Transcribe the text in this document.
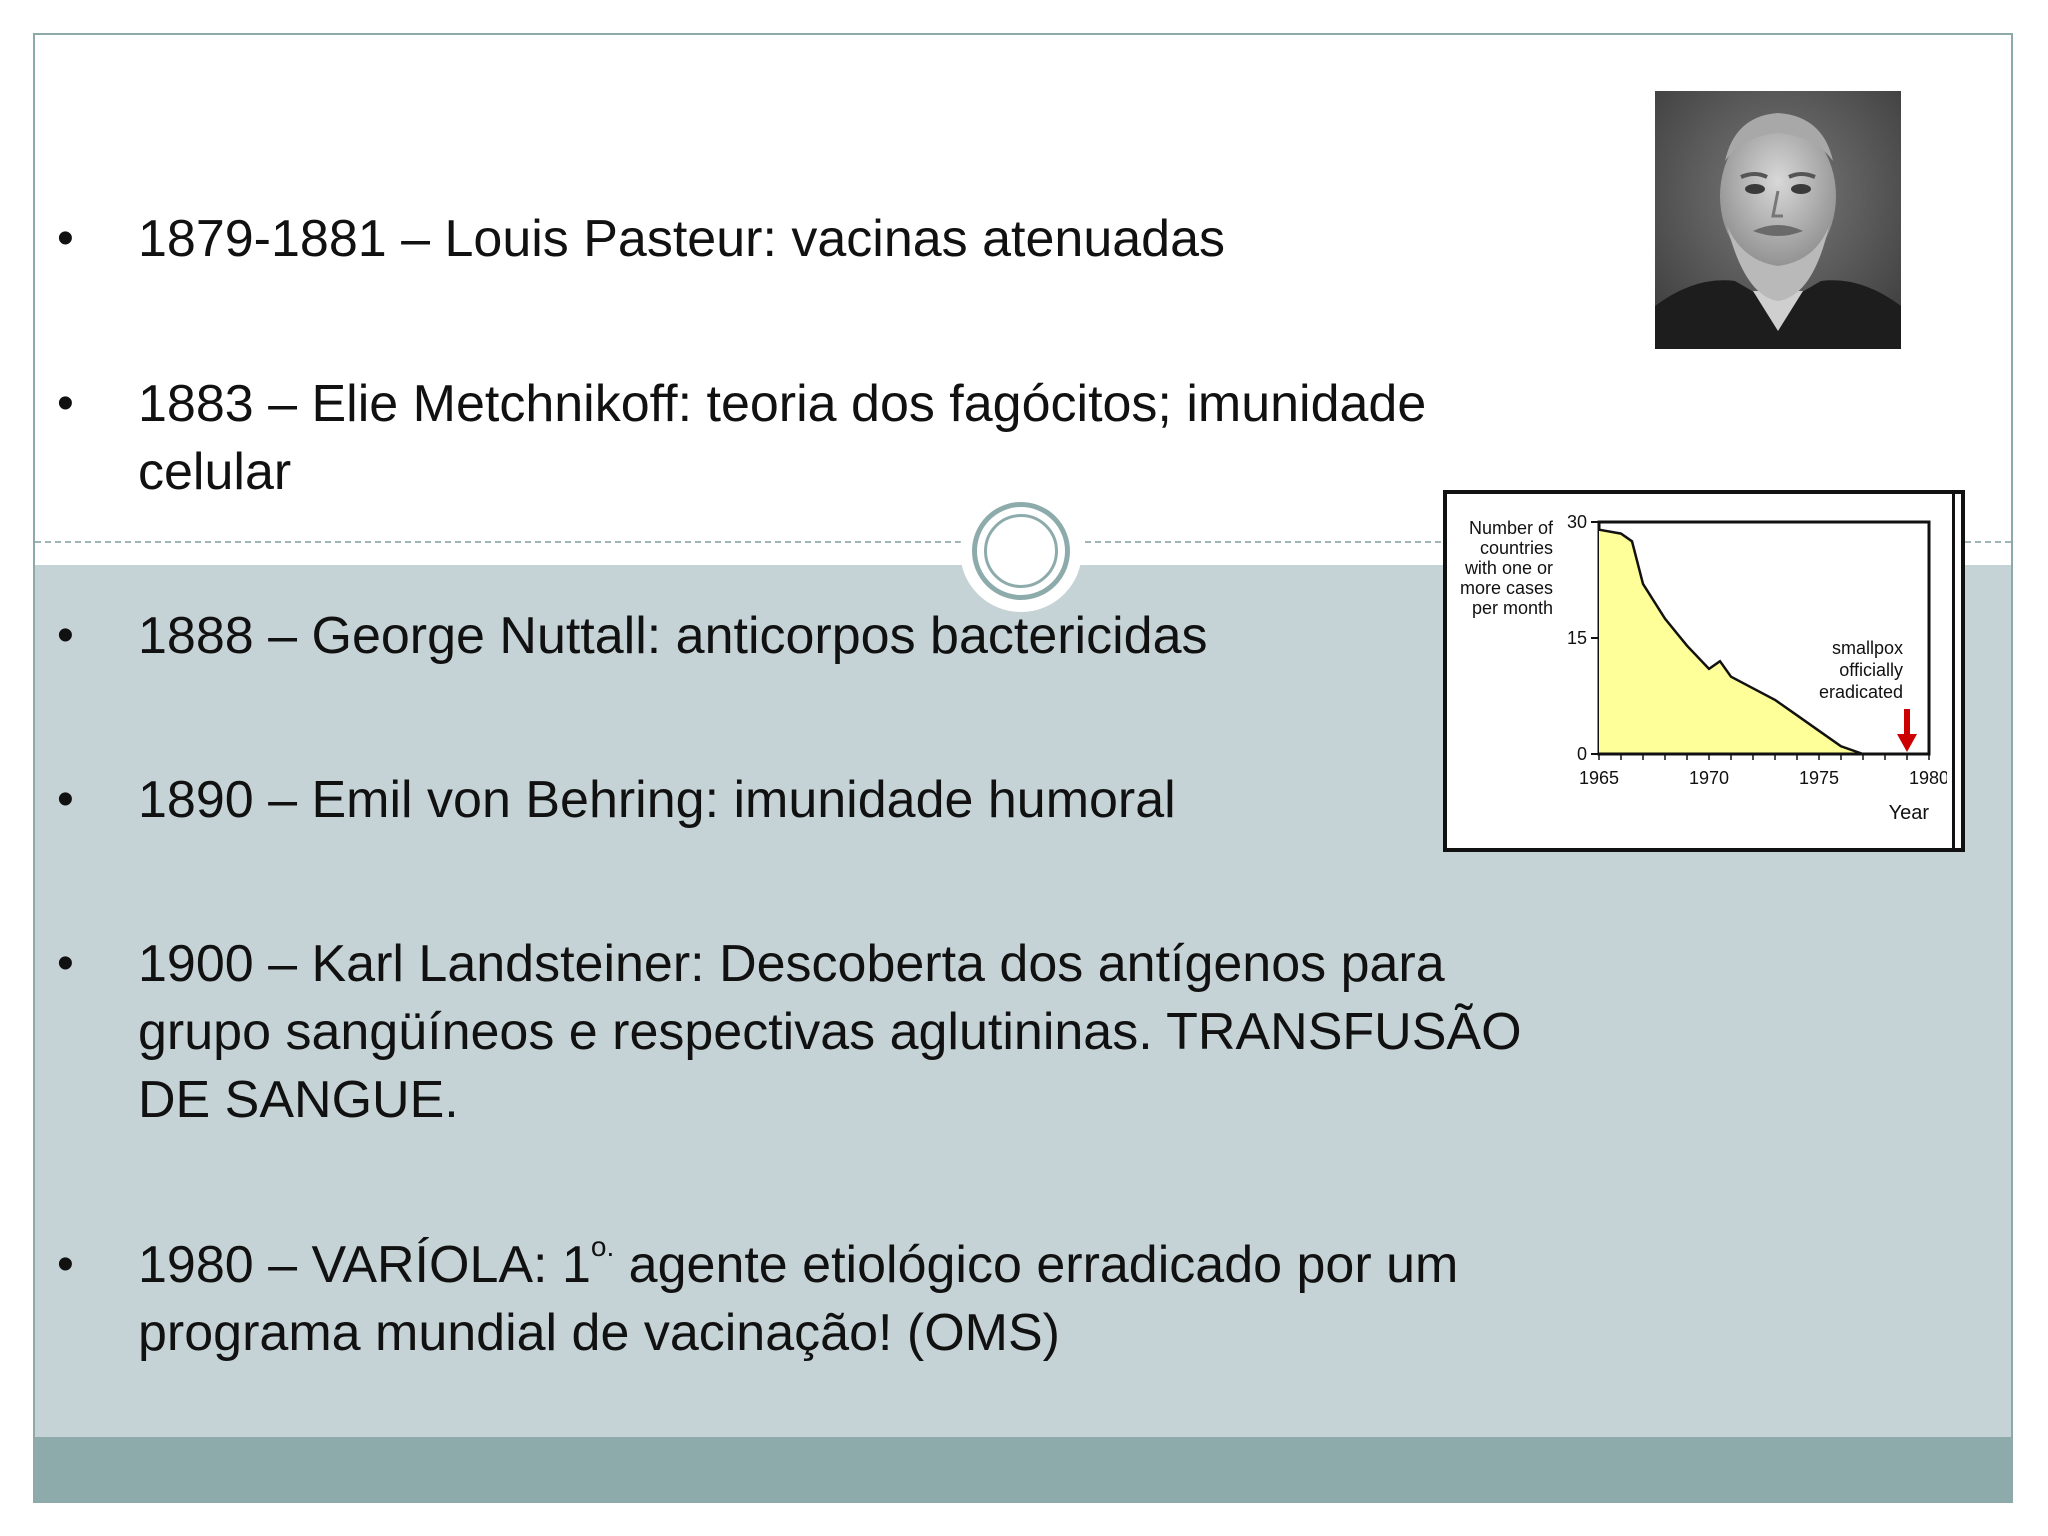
• 1879-1881 – Louis Pasteur: vacinas atenuadas
• 1883 – Elie Metchnikoff: teoria dos fagócitos; imunidade
celular
• 1888 – George Nuttall: anticorpos bactericidas
• 1890 – Emil von Behring: imunidade humoral
• 1900 – Karl Landsteiner: Descoberta dos antígenos para
grupo sangüíneos e respectivas aglutininas. TRANSFUSÃO
DE SANGUE.
• 1980 – VARÍOLA: $1^{o.}$ agente etiológico erradicado por um
programa mundial de vacinação! (OMS)
Number of
countries
with one or
more cases
per month
0
15
30
1965	1970	1975	1980
smallpox
officially
eradicated
Year
